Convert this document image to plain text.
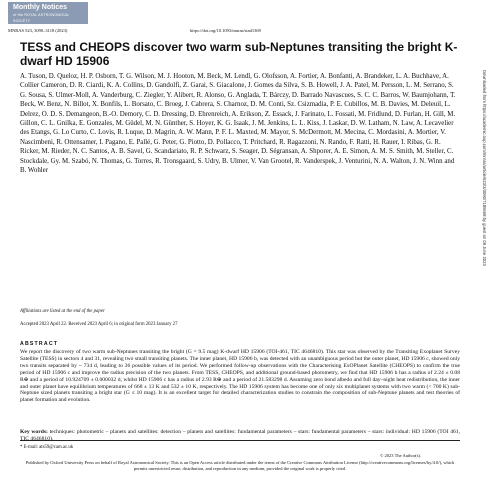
Monthly Notices
of the ROYAL ASTRONOMICAL SOCIETY
MNRAS 523, 3090–3118 (2023)	https://doi.org/10.1093/mnras/stad1369
TESS and CHEOPS discover two warm sub-Neptunes transiting the bright K-dwarf HD 15906

A. Tuson, D. Queloz, H. P. Osborn, T. G. Wilson, M. J. Hooton, M. Beck, M. Lendl, G. Olofsson, A. Fortier, A. Bonfanti, A. Brandeker, L. A. Buchhave, A. Collier Cameron, D. R. Ciardi, K. A. Collins, D. Gandolfi, Z. Garai, S. Giacalone, J. Gomes da Silva, S. B. Howell, J. A. Patel, M. Persson, L. M. Serrano, S. G. Sousa, S. Ulmer-Moll, A. Vanderburg, C. Ziegler, Y. Alibert, R. Alonso, G. Anglada, T. Bárczy, D. Barrado Navascues, S. C. C. Barros, W. Baumjohann, T. Beck, W. Benz, N. Billot, X. Bonfils, L. Borsato, C. Broeg, J. Cabrera, S. Charnoz, D. M. Conti, Sz. Csizmadia, P. E. Cubillos, M. B. Davies, M. Deleuil, L. Delrez, O. D. S. Demangeon, B.-O. Demory, C. D. Dressing, D. Ehrenreich, A. Erikson, Z. Essack, J. Farinato, L. Fossati, M. Fridlund, D. Furlan, H. Gill, M. Gillon, C. L. Gnilka, E. Gonzales, M. Güdel, M. N. Günther, S. Hoyer, K. G. Isaak, J. M. Jenkins, L. L. Kiss, J. Laskar, D. W. Latham, N. Law, A. Lecavelier des Etangs, G. Lo Curto, C. Lovis, R. Luque, D. Magrin, A. W. Mann, P. F. L. Maxted, M. Mayor, S. McDermott, M. Mecina, C. Mordasini, A. Mortier, V. Nascimbeni, R. Ottensamer, I. Pagano, E. Pallé, G. Peter, G. Piotto, D. Pollacco, T. Pritchard, R. Ragazzoni, N. Rando, F. Ratti, H. Rauer, I. Ribas, G. R. Ricker, M. Rieder, N. C. Santos, A. B. Savel, G. Scandariato, R. P. Schwarz, S. Seager, D. Ségransan, A. Shporer, A. E. Simon, A. M. S. Smith, M. Steller, C. Stockdale, Gy. M. Szabó, N. Thomas, G. Torres, R. Tronsgaard, S. Udry, B. Ulmer, V. Van Grootel, R. Vanderspek, J. Venturini, N. A. Walton, J. N. Winn and B. Wohler

Affiliations are listed at the end of the paper
Accepted 2023 April 22. Received 2023 April 6; in original form 2023 January 27
ABSTRACT

We report the discovery of two warm sub-Neptunes transiting the bright (G = 9.5 mag) K-dwarf HD 15906 (TOI-461, TIC 4646810). This star was observed by the Transiting Exoplanet Survey Satellite (TESS) in sectors 4 and 31, revealing two small transiting planets. The inner planet, HD 15906 b, was detected with an unambiguous period but the outer planet, HD 15906 c, showed only two transits separated by ~ 734 d, leading to 36 possible values of its period. We performed follow-up observations with the Characterising ExOPlanet Satellite (CHEOPS) to confirm the true period of HD 15906 c and improve the radius precision of the two planets. From TESS, CHEOPS, and additional ground-based photometry, we find that HD 15906 b has a radius of 2.24 ± 0.08 R⊕ and a period of 10.924709 ± 0.000032 d, whilst HD 15906 c has a radius of 2.93 R⊕ and a period of 21.583298 d. Assuming zero bond albedo and full day–night heat redistribution, the inner and outer planet have equilibrium temperatures of 668 ± 13 K and 532 ± 10 K, respectively. The HD 15906 system has become one of only six multiplanet systems with two warm (< 700 K) sub-Neptune sized planets transiting a bright star (G ≤ 10 mag). It is an excellent target for detailed characterization studies to constrain the composition of sub-Neptune planets and test theories of planet formation and evolution.

Key words: techniques: photometric – planets and satellites: detection – planets and satellites: fundamental parameters – stars: fundamental parameters – stars: individual: HD 15906 (TOI 461, TIC 4646810).

* E-mail: ats59@cam.ac.uk
© 2023 The Author(s).

Published by Oxford University Press on behalf of Royal Astronomical Society. This is an Open Access article distributed under the terms of the Creative Commons Attribution License (http://creativecommons.org/licenses/by/4.0/), which permits unrestricted reuse, distribution, and reproduction in any medium, provided the original work is properly cited.

Downloaded from https://academic.oup.com/mnras/article/523/3/3090/7185668 by guest on 09 June 2023
